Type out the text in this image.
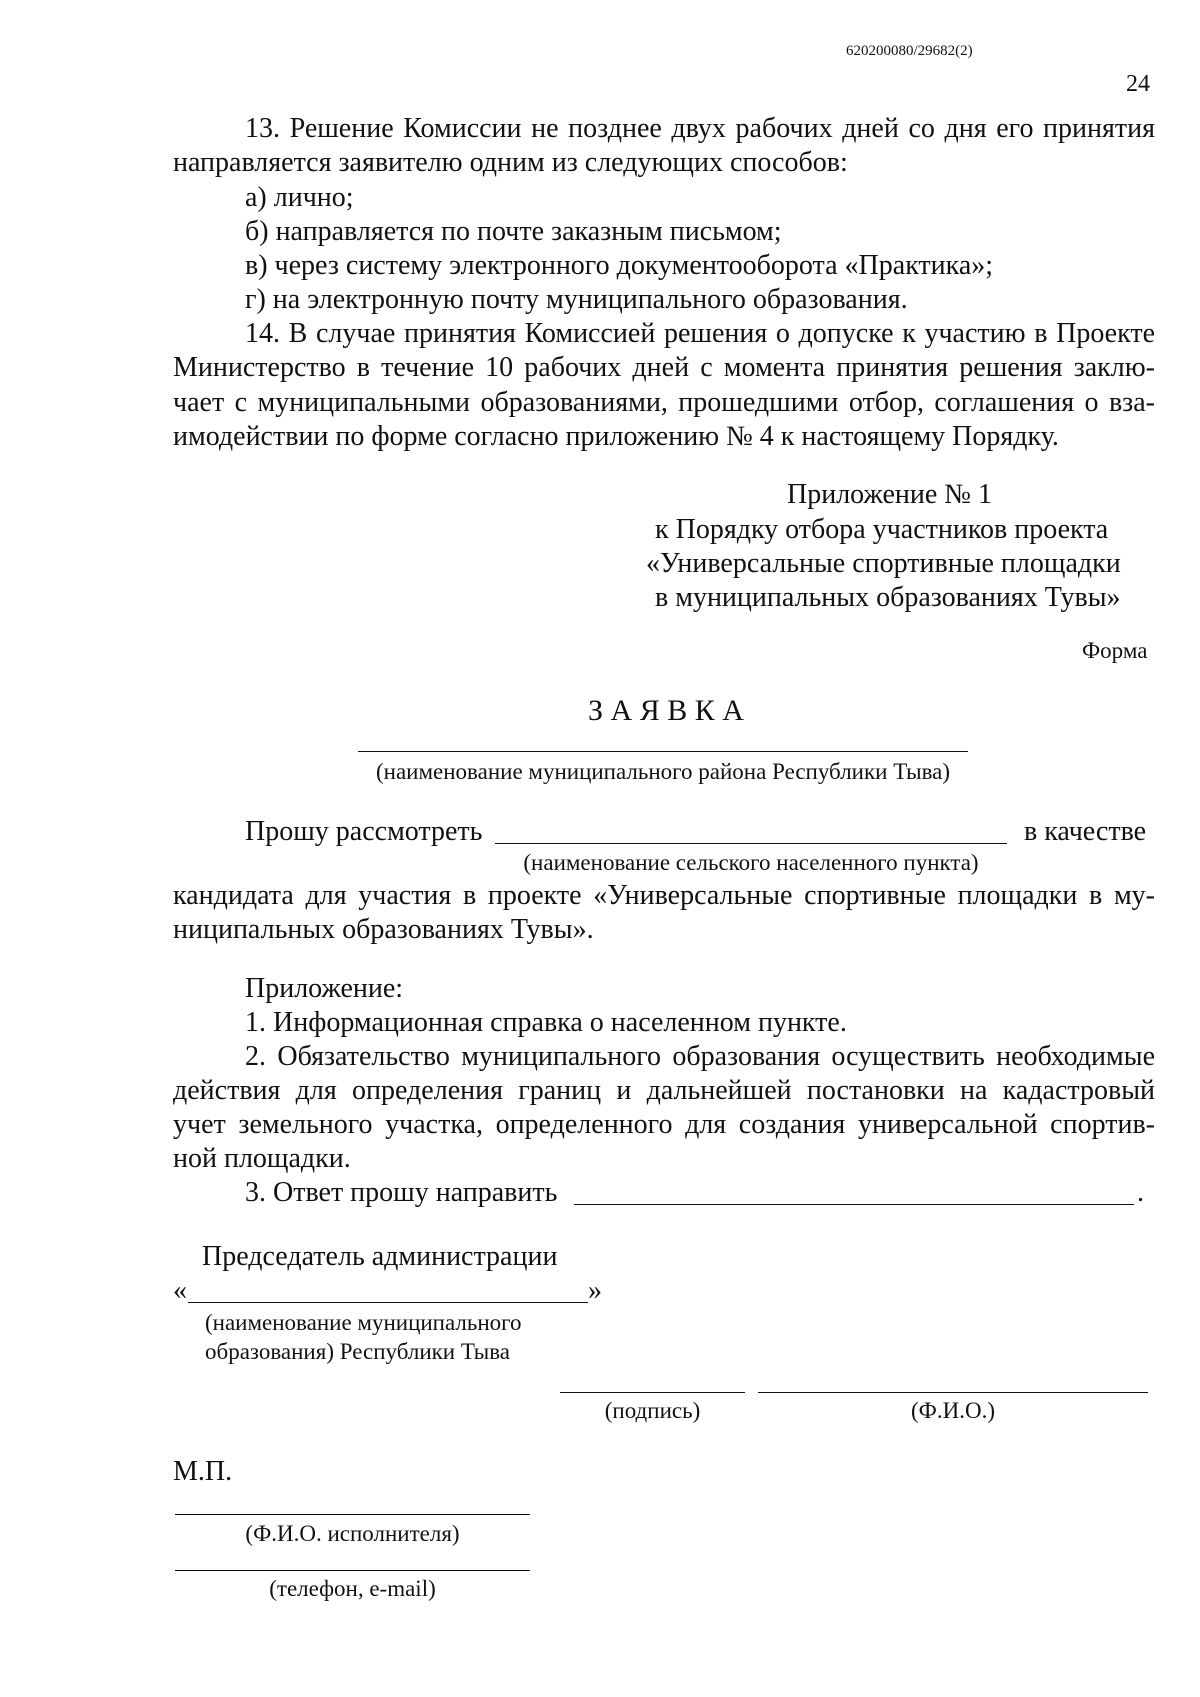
620200080/29682(2)
24
13. Решение Комиссии не позднее двух рабочих дней со дня его принятия
направляется заявителю одним из следующих способов:
а) лично;
б) направляется по почте заказным письмом;
в) через систему электронного документооборота «Практика»;
г) на электронную почту муниципального образования.
14. В случае принятия Комиссией решения о допуске к участию в Проекте
Министерство в течение 10 рабочих дней с момента принятия решения заклю-
чает с муниципальными образованиями, прошедшими отбор, соглашения о вза-
имодействии по форме согласно приложению № 4 к настоящему Порядку.
Приложение № 1
к Порядку отбора участников проекта
«Универсальные спортивные площадки
в муниципальных образованиях Тувы»
Форма
З А Я В К А
(наименование муниципального района Республики Тыва)
Прошу рассмотреть	в качестве
(наименование сельского населенного пункта)
кандидата для участия в проекте «Универсальные спортивные площадки в му-
ниципальных образованиях Тувы».
Приложение:
1. Информационная справка о населенном пункте.
2. Обязательство муниципального образования осуществить необходимые
действия для определения границ и дальнейшей постановки на кадастровый
учет земельного участка, определенного для создания универсальной спортив-
ной площадки.
3. Ответ прошу направить	.
Председатель администрации
«	»
(наименование муниципального
образования) Республики Тыва
(подпись)	(Ф.И.О.)
М.П.
(Ф.И.О. исполнителя)
(телефон, e-mail)
